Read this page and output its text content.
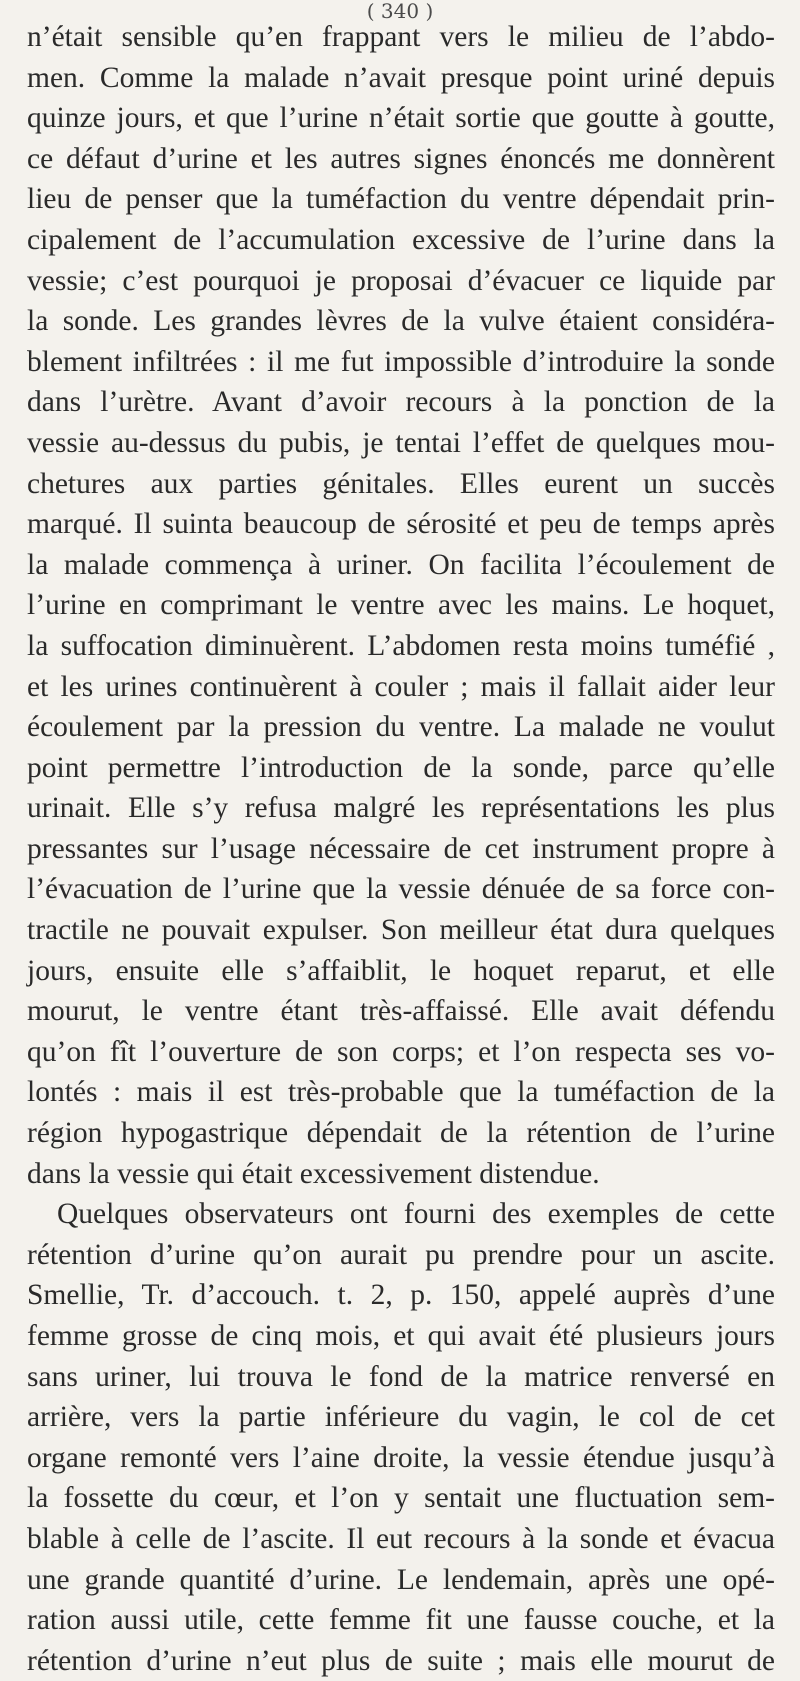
( 340 )
n’était sensible qu’en frappant vers le milieu de l’abdo-
men. Comme la malade n’avait presque point uriné depuis
quinze jours, et que l’urine n’était sortie que goutte à goutte,
ce défaut d’urine et les autres signes énoncés me donnèrent
lieu de penser que la tuméfaction du ventre dépendait prin-
cipalement de l’accumulation excessive de l’urine dans la
vessie; c’est pourquoi je proposai d’évacuer ce liquide par
la sonde. Les grandes lèvres de la vulve étaient considéra-
blement infiltrées : il me fut impossible d’introduire la sonde
dans l’urètre. Avant d’avoir recours à la ponction de la
vessie au-dessus du pubis, je tentai l’effet de quelques mou-
chetures aux parties génitales. Elles eurent un succès
marqué. Il suinta beaucoup de sérosité et peu de temps après
la malade commença à uriner. On facilita l’écoulement de
l’urine en comprimant le ventre avec les mains. Le hoquet,
la suffocation diminuèrent. L’abdomen resta moins tuméfié ,
et les urines continuèrent à couler ; mais il fallait aider leur
écoulement par la pression du ventre. La malade ne voulut
point permettre l’introduction de la sonde, parce qu’elle
urinait. Elle s’y refusa malgré les représentations les plus
pressantes sur l’usage nécessaire de cet instrument propre à
l’évacuation de l’urine que la vessie dénuée de sa force con-
tractile ne pouvait expulser. Son meilleur état dura quelques
jours, ensuite elle s’affaiblit, le hoquet reparut, et elle
mourut, le ventre étant très-affaissé. Elle avait défendu
qu’on fît l’ouverture de son corps; et l’on respecta ses vo-
lontés : mais il est très-probable que la tuméfaction de la
région hypogastrique dépendait de la rétention de l’urine
dans la vessie qui était excessivement distendue.
Quelques observateurs ont fourni des exemples de cette
rétention d’urine qu’on aurait pu prendre pour un ascite.
Smellie, Tr. d’accouch. t. 2, p. 150, appelé auprès d’une
femme grosse de cinq mois, et qui avait été plusieurs jours
sans uriner, lui trouva le fond de la matrice renversé en
arrière, vers la partie inférieure du vagin, le col de cet
organe remonté vers l’aine droite, la vessie étendue jusqu’à
la fossette du cœur, et l’on y sentait une fluctuation sem-
blable à celle de l’ascite. Il eut recours à la sonde et évacua
une grande quantité d’urine. Le lendemain, après une opé-
ration aussi utile, cette femme fit une fausse couche, et la
rétention d’urine n’eut plus de suite ; mais elle mourut de
